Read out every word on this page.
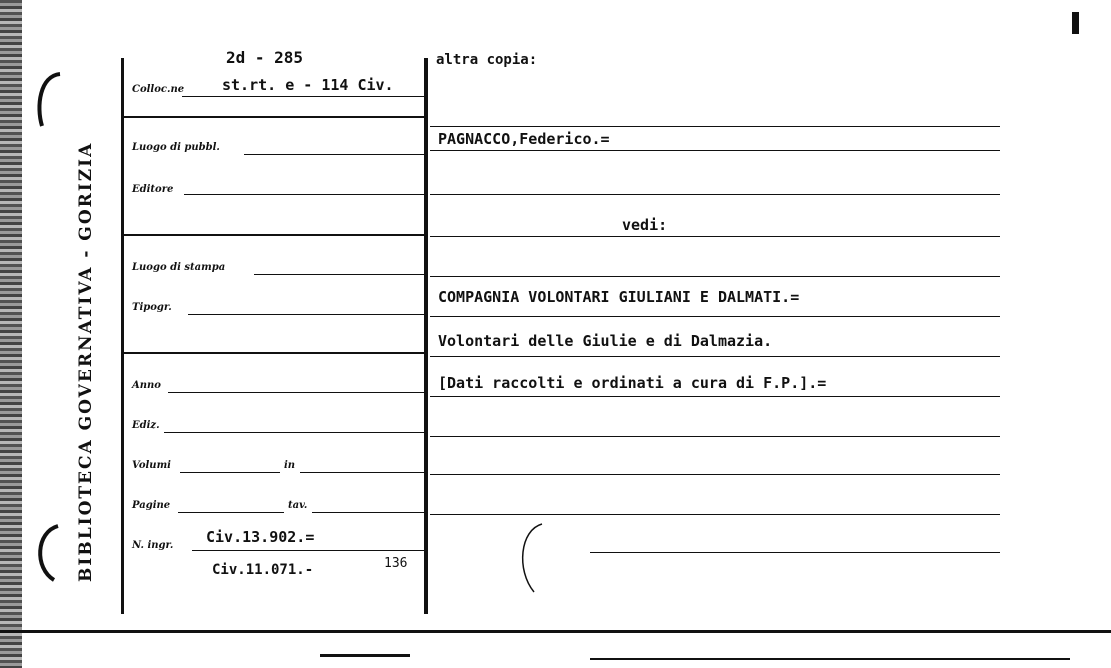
BIBLIOTECA GOVERNATIVA - GORIZIA
2d - 285
Colloc.ne	st.rt. e - 114 Civ.
altra copia:
Luogo di pubbl.
Editore
Luogo di stampa
Tipogr.
Anno
Ediz.
Volumi	in
Pagine	tav.
N. ingr. Civ.13.902.=
Civ.11.071.-	136
PAGNACCO,Federico.=
vedi:
COMPAGNIA VOLONTARI GIULIANI E DALMATI.=
Volontari delle Giulie e di Dalmazia.
[Dati raccolti e ordinati a cura di F.P.].=
